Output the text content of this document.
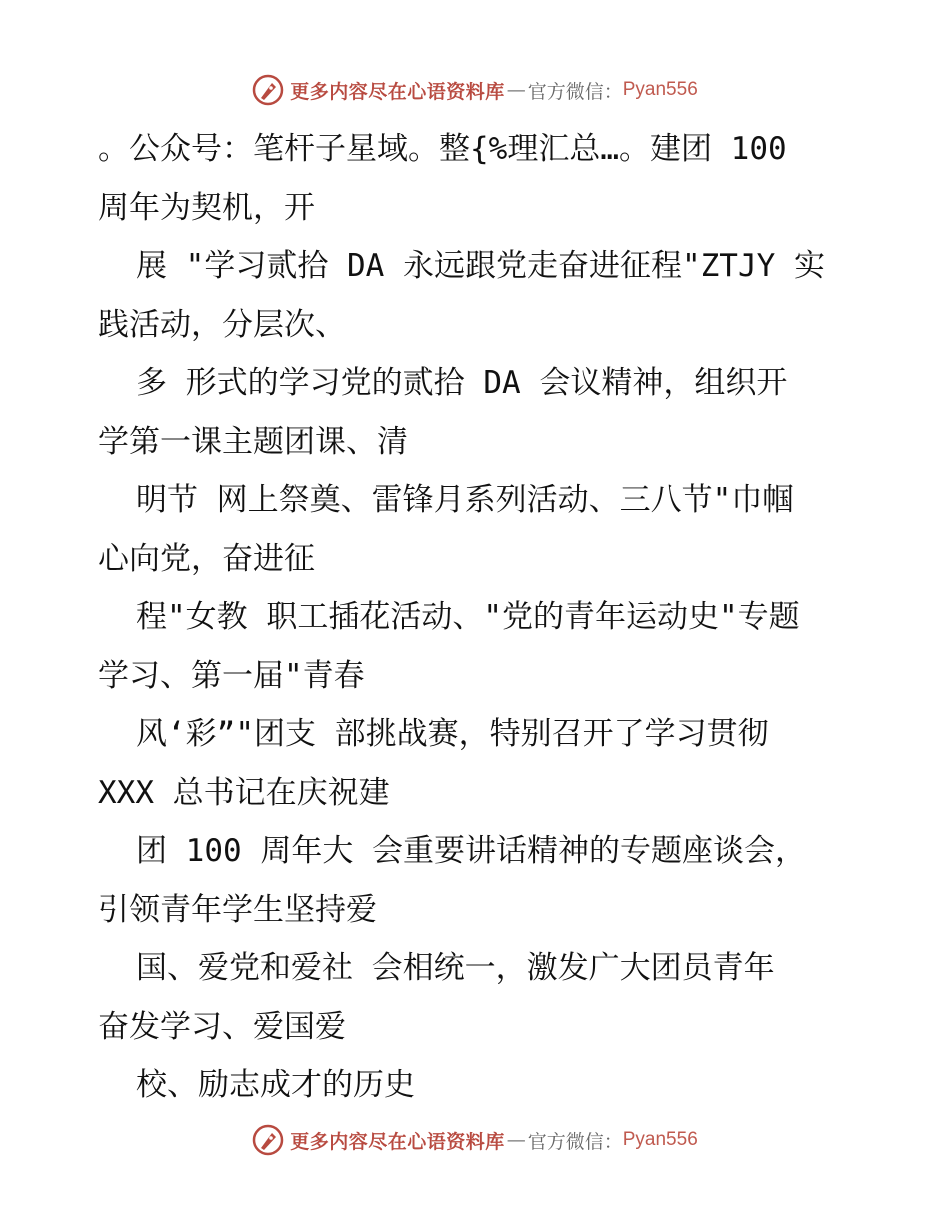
更多内容尽在心语资料库 — 官方微信： Pyan556
。公众号：笔杆子星域。整{%理汇总…。建团 100
周年为契机，开
展 "学习贰拾 DA 永远跟党走奋进征程"ZTJY 实
践活动，分层次、
多 形式的学习党的贰拾 DA 会议精神，组织开
学第一课主题团课、清
明节 网上祭奠、雷锋月系列活动、三八节"巾帼
心向党，奋进征
程"女教 职工插花活动、"党的青年运动史"专题
学习、第一届"青春
风‘彩”"团支 部挑战赛，特别召开了学习贯彻
XXX 总书记在庆祝建
团 100 周年大 会重要讲话精神的专题座谈会，
引领青年学生坚持爱
国、爱党和爱社 会相统一，激发广大团员青年
奋发学习、爱国爱
校、励志成才的历史
更多内容尽在心语资料库 — 官方微信： Pyan556
